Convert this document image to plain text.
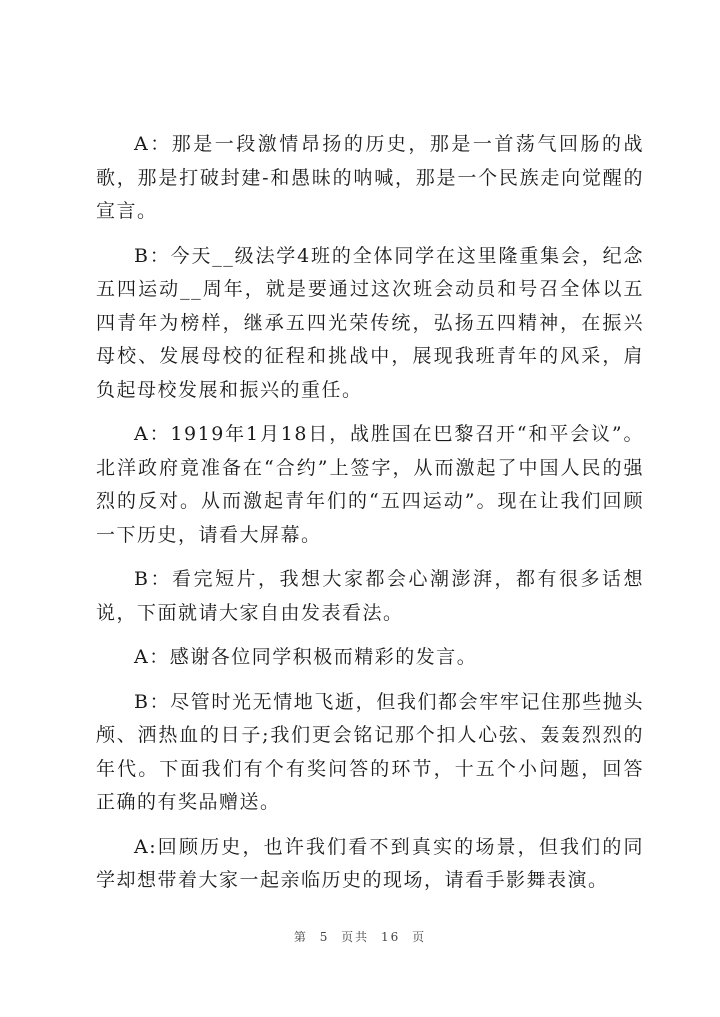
A：那是一段激情昂扬的历史，那是一首荡气回肠的战歌，那是打破封建-和愚昧的呐喊，那是一个民族走向觉醒的宣言。

B：今天__级法学4班的全体同学在这里隆重集会，纪念五四运动__周年，就是要通过这次班会动员和号召全体以五四青年为榜样，继承五四光荣传统，弘扬五四精神，在振兴母校、发展母校的征程和挑战中，展现我班青年的风采，肩负起母校发展和振兴的重任。

A：1919年1月18日，战胜国在巴黎召开“和平会议”。北洋政府竟准备在“合约”上签字，从而激起了中国人民的强烈的反对。从而激起青年们的“五四运动”。现在让我们回顾一下历史，请看大屏幕。

B：看完短片，我想大家都会心潮澎湃，都有很多话想说，下面就请大家自由发表看法。

A：感谢各位同学积极而精彩的发言。

B：尽管时光无情地飞逝，但我们都会牢牢记住那些抛头颅、洒热血的日子;我们更会铭记那个扣人心弦、轰轰烈烈的年代。下面我们有个有奖问答的环节，十五个小问题，回答正确的有奖品赠送。

A:回顾历史，也许我们看不到真实的场景，但我们的同学却想带着大家一起亲临历史的现场，请看手影舞表演。

第 5 页共 16 页
